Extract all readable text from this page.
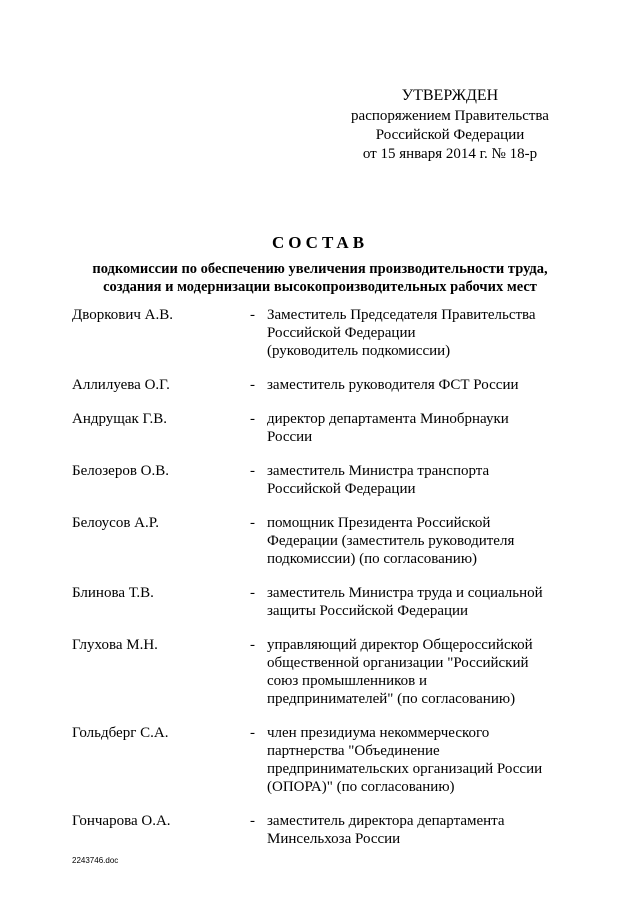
УТВЕРЖДЕН
распоряжением Правительства
Российской Федерации
от 15 января 2014 г. № 18-р
СОСТАВ
подкомиссии по обеспечению увеличения производительности труда,
создания и модернизации высокопроизводительных рабочих мест
Дворкович А.В.	- Заместитель Председателя Правительства
Российской Федерации
(руководитель подкомиссии)
Аллилуева О.Г.	- заместитель руководителя ФСТ России
Андрущак Г.В.	- директор департамента Минобрнауки
России
Белозеров О.В.	- заместитель Министра транспорта
Российской Федерации
Белоусов А.Р.	- помощник Президента Российской
Федерации (заместитель руководителя
подкомиссии) (по согласованию)
Блинова Т.В.	- заместитель Министра труда и социальной
защиты Российской Федерации
Глухова М.Н.	- управляющий директор Общероссийской
общественной организации "Российский
союз промышленников и
предпринимателей" (по согласованию)
Гольдберг С.А.	- член президиума некоммерческого
партнерства "Объединение
предпринимательских организаций России
(ОПОРА)" (по согласованию)
Гончарова О.А.	- заместитель директора департамента
Минсельхоза России
2243746.doc
